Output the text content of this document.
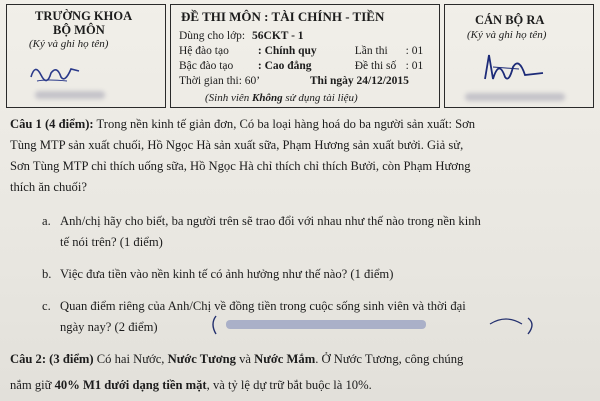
TRƯỜNG KHOA
BỘ MÔN
(Ký và ghi họ tên)
ĐỀ THI MÔN : TÀI CHÍNH - TIỀN
Dùng cho lớp: 56CKT - 1
Hệ đào tạo	: Chính quy	Lần thi : 01
Bậc đào tạo : Cao đẳng	Đề thi số : 01
Thời gian thi: 60’	Thi ngày 24/12/2015
(Sinh viên Không sử dụng tài liệu)
CÁN BỘ RA
(Ký và ghi họ tên)
Câu 1 (4 điểm): Trong nền kinh tế giản đơn, Có ba loại hàng hoá do ba người sản xuất: Sơn
Tùng MTP sản xuất chuối, Hồ Ngọc Hà sản xuất sữa, Phạm Hương sản xuất bưởi. Giả sử,
Sơn Tùng MTP chỉ thích uống sữa, Hồ Ngọc Hà chỉ thích chỉ thích Bưởi, còn Phạm Hương
thích ăn chuối?
a. Anh/chị hãy cho biết, ba người trên sẽ trao đổi với nhau như thế nào trong nền kinh
tế nói trên? (1 điểm)
b. Việc đưa tiền vào nền kinh tế có ảnh hưởng như thế nào? (1 điểm)
c. Quan điểm riêng của Anh/Chị về đồng tiền trong cuộc sống sinh viên và thời đại
ngày nay? (2 điểm)
Câu 2: (3 điểm) Có hai Nước, Nước Tương và Nước Mắm. Ở Nước Tương, công chúng
nắm giữ 40% M1 dưới dạng tiền mặt, và tỷ lệ dự trữ bắt buộc là 10%.
